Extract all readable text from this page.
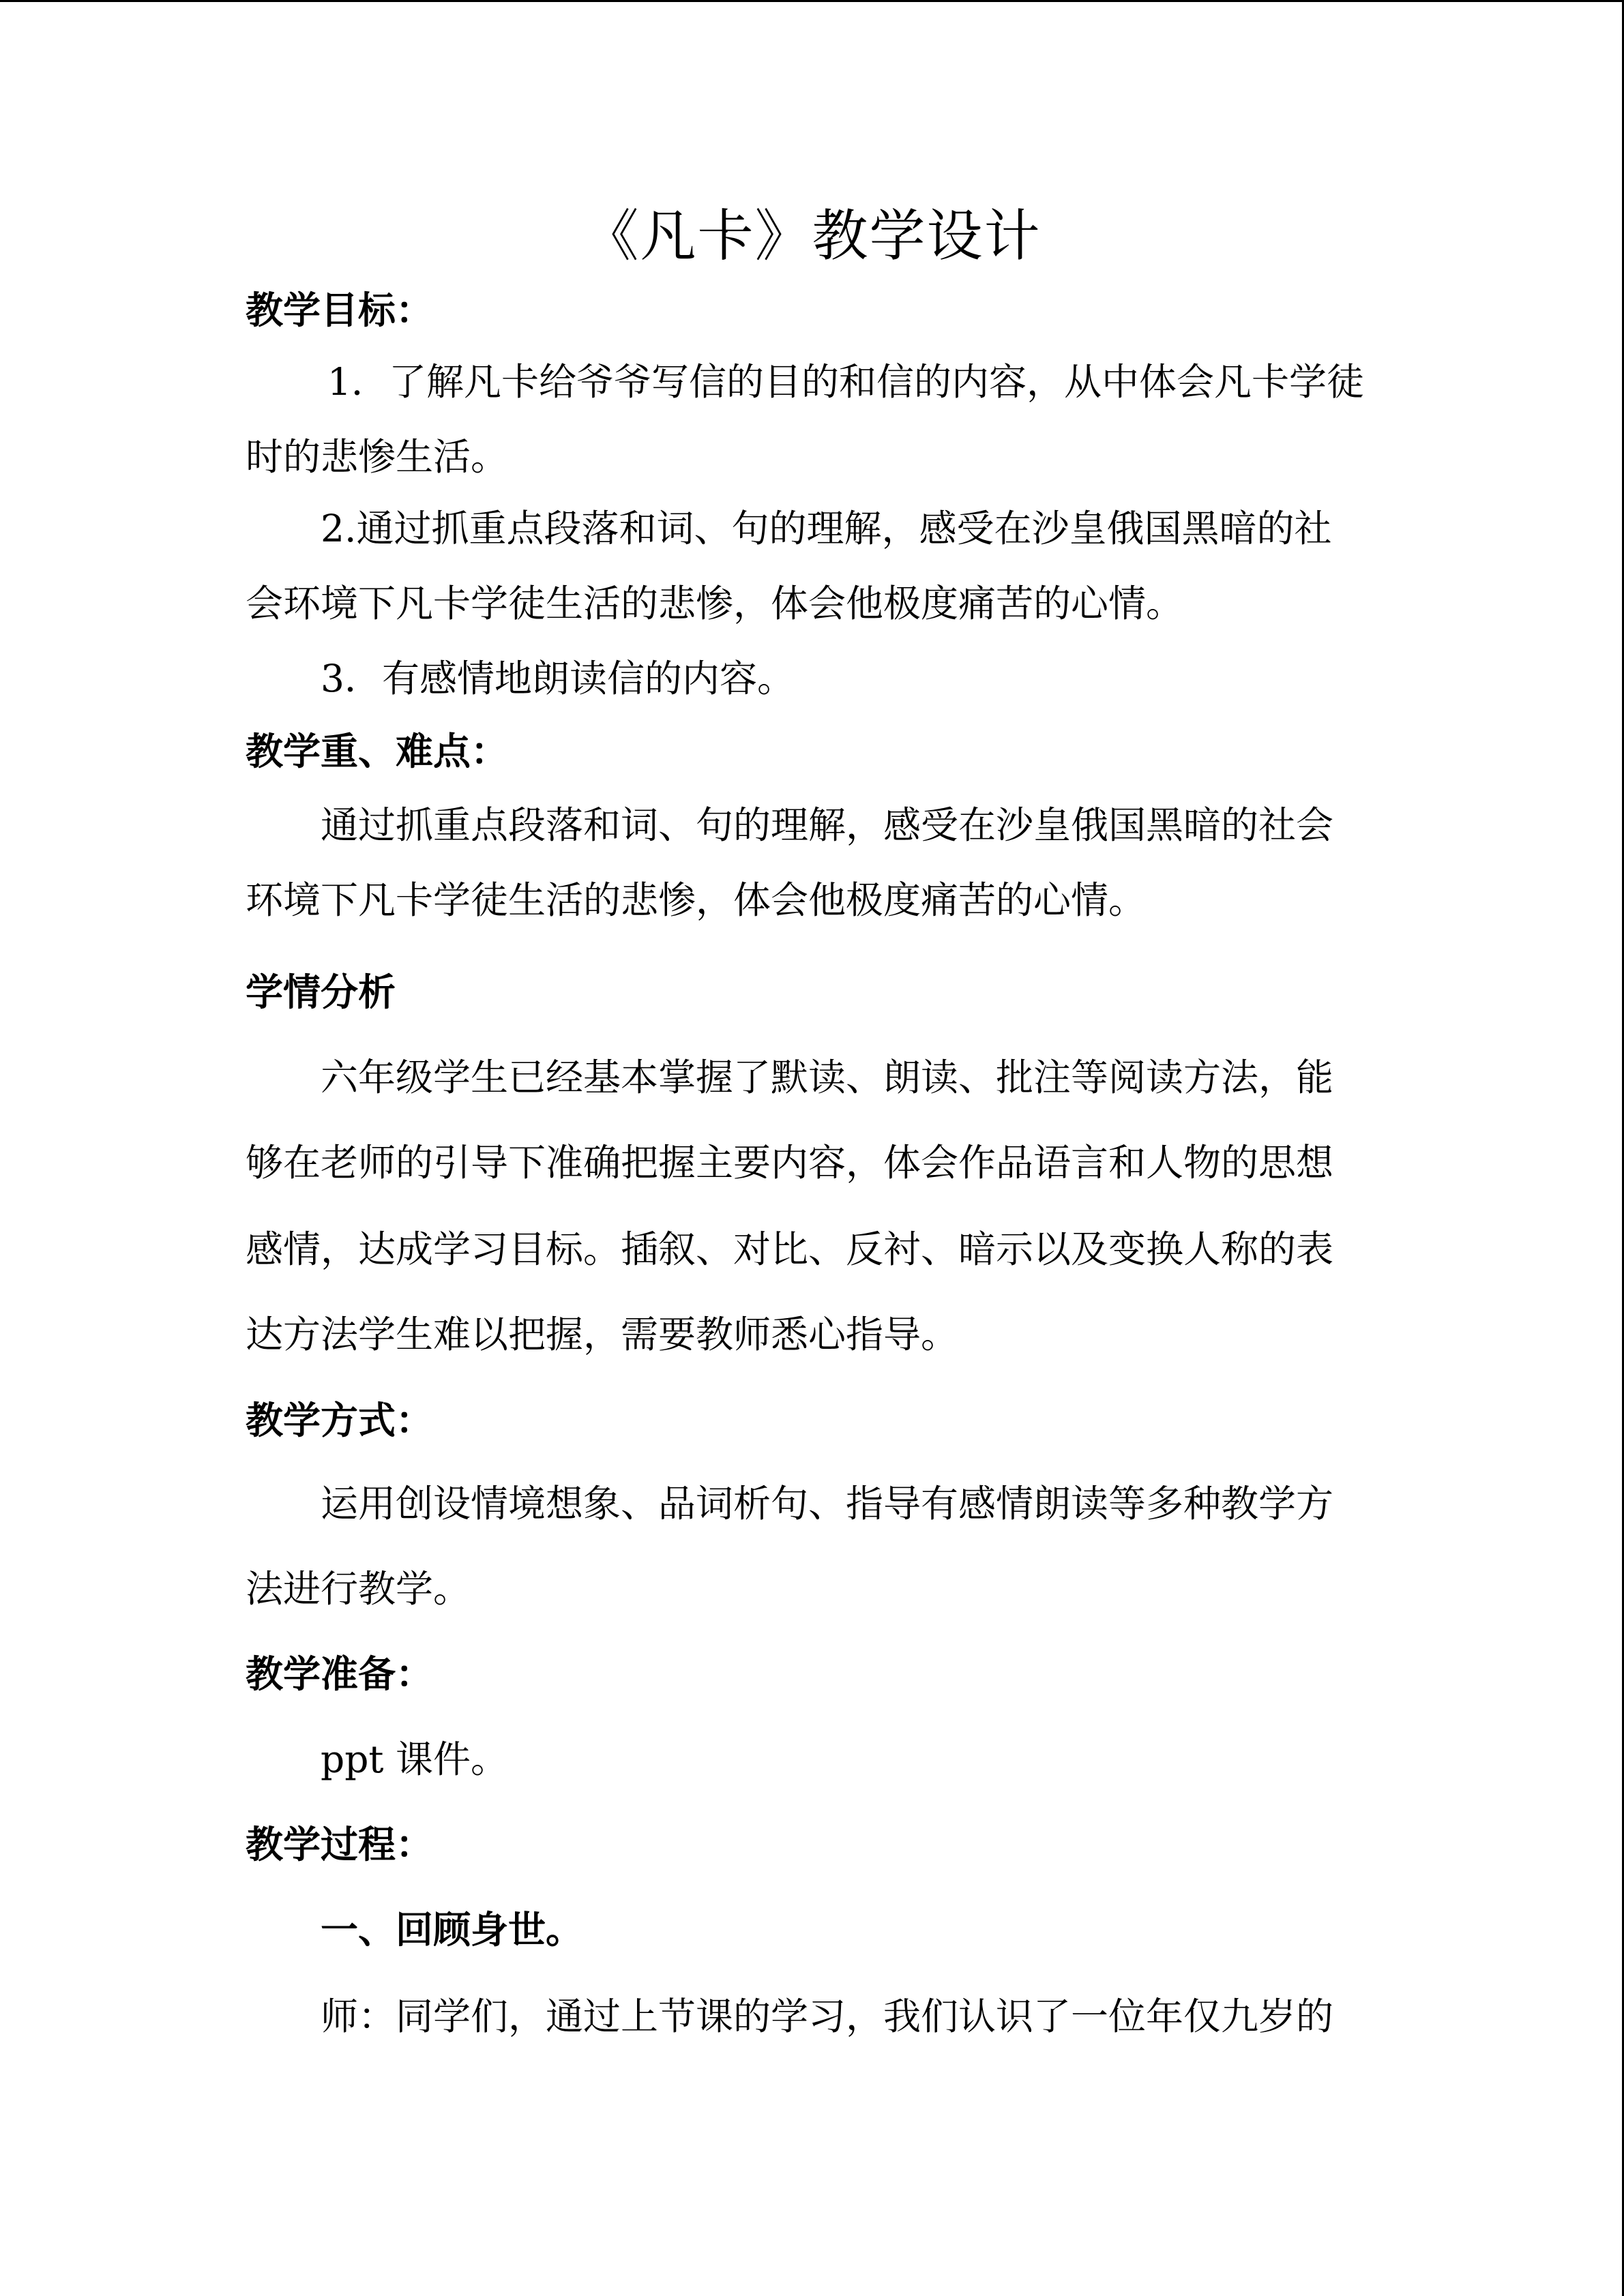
《凡卡》教学设计
教学目标：
1．了解凡卡给爷爷写信的目的和信的内容，从中体会凡卡学徒
时的悲惨生活。
2.通过抓重点段落和词、句的理解，感受在沙皇俄国黑暗的社
会环境下凡卡学徒生活的悲惨，体会他极度痛苦的心情。
3．有感情地朗读信的内容。
教学重、难点：
通过抓重点段落和词、句的理解，感受在沙皇俄国黑暗的社会
环境下凡卡学徒生活的悲惨，体会他极度痛苦的心情。
学情分析
六年级学生已经基本掌握了默读、朗读、批注等阅读方法，能
够在老师的引导下准确把握主要内容，体会作品语言和人物的思想
感情，达成学习目标。插叙、对比、反衬、暗示以及变换人称的表
达方法学生难以把握，需要教师悉心指导。
教学方式：
运用创设情境想象、品词析句、指导有感情朗读等多种教学方
法进行教学。
教学准备：
ppt 课件。
教学过程：
一、回顾身世。
师：同学们，通过上节课的学习，我们认识了一位年仅九岁的
